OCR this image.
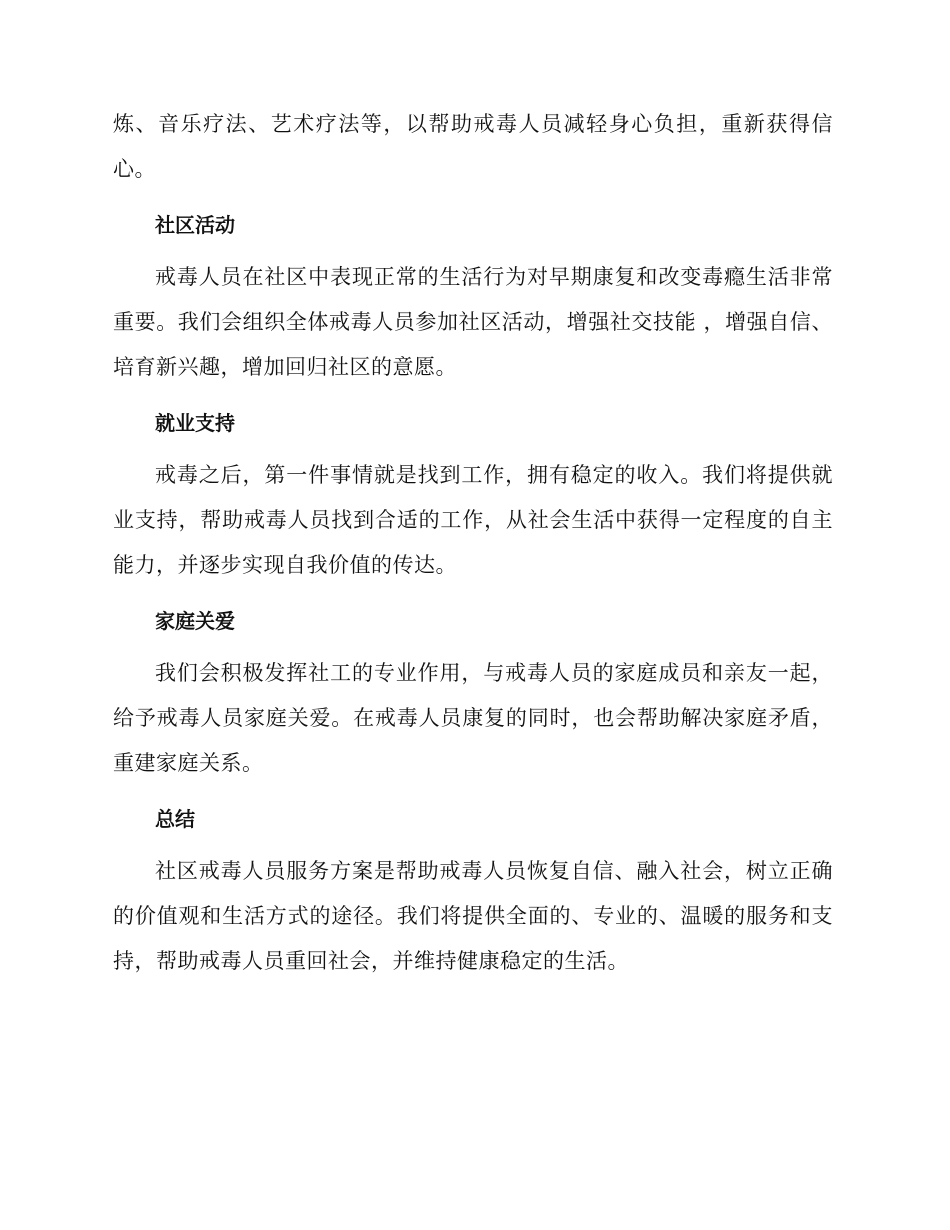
炼、音乐疗法、艺术疗法等，以帮助戒毒人员减轻身心负担，重新获得信心。

社区活动

戒毒人员在社区中表现正常的生活行为对早期康复和改变毒瘾生活非常重要。我们会组织全体戒毒人员参加社区活动，增强社交技能 ，增强自信、培育新兴趣，增加回归社区的意愿。

就业支持

戒毒之后，第一件事情就是找到工作，拥有稳定的收入。我们将提供就业支持，帮助戒毒人员找到合适的工作，从社会生活中获得一定程度的自主能力，并逐步实现自我价值的传达。

家庭关爱

我们会积极发挥社工的专业作用，与戒毒人员的家庭成员和亲友一起，给予戒毒人员家庭关爱。在戒毒人员康复的同时，也会帮助解决家庭矛盾，重建家庭关系。

总结

社区戒毒人员服务方案是帮助戒毒人员恢复自信、融入社会，树立正确的价值观和生活方式的途径。我们将提供全面的、专业的、温暖的服务和支持，帮助戒毒人员重回社会，并维持健康稳定的生活。
